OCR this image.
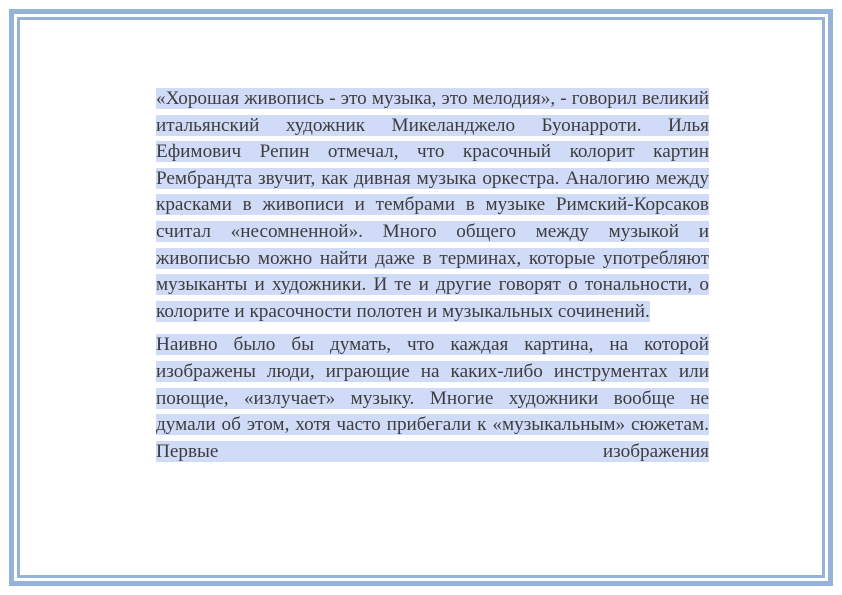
«Хорошая живопись - это музыка, это мелодия», - говорил великий итальянский художник Микеланджело Буонарроти. Илья Ефимович Репин отмечал, что красочный колорит картин Рембрандта звучит, как дивная музыка оркестра. Аналогию между красками в живописи и тембрами в музыке Римский-Корсаков считал «несомненной». Много общего между музыкой и живописью можно найти даже в терминах, которые употребляют музыканты и художники. И те и другие говорят о тональности, о колорите и красочности полотен и музыкальных сочинений.

Наивно было бы думать, что каждая картина, на которой изображены люди, играющие на каких-либо инструментах или поющие, «излучает» музыку. Многие художники вообще не думали об этом, хотя часто прибегали к «музыкальным» сюжетам. Первые изображения
